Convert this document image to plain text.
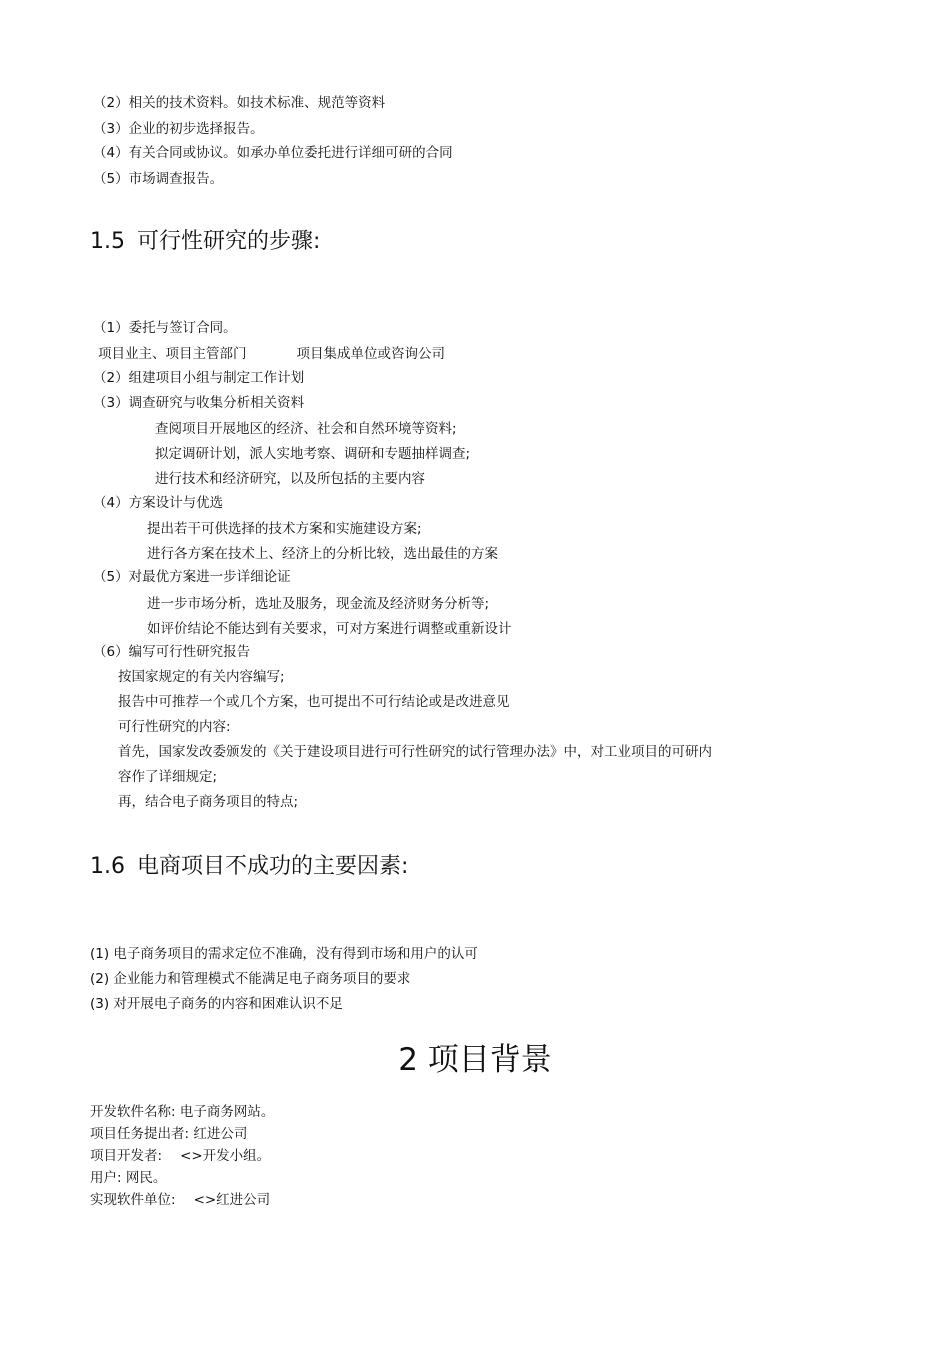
（2）相关的技术资料。如技术标准、规范等资料
（3）企业的初步选择报告。
（4）有关合同或协议。如承办单位委托进行详细可研的合同
（5）市场调查报告。
1.5 可行性研究的步骤:
（1）委托与签订合同。
项目业主、项目主管部门	项目集成单位或咨询公司
（2）组建项目小组与制定工作计划
（3）调查研究与收集分析相关资料
查阅项目开展地区的经济、社会和自然环境等资料;
拟定调研计划，派人实地考察、调研和专题抽样调查;
进行技术和经济研究，以及所包括的主要内容
（4）方案设计与优选
提出若干可供选择的技术方案和实施建设方案;
进行各方案在技术上、经济上的分析比较，选出最佳的方案
（5）对最优方案进一步详细论证
进一步市场分析，选址及服务，现金流及经济财务分析等;
如评价结论不能达到有关要求，可对方案进行调整或重新设计
（6）编写可行性研究报告
按国家规定的有关内容编写;
报告中可推荐一个或几个方案，也可提出不可行结论或是改进意见
可行性研究的内容:
首先，国家发改委颁发的《关于建设项目进行可行性研究的试行管理办法》中，对工业项目的可研内
容作了详细规定;
再，结合电子商务项目的特点;
1.6 电商项目不成功的主要因素:
(1) 电子商务项目的需求定位不准确，没有得到市场和用户的认可
(2) 企业能力和管理模式不能满足电子商务项目的要求
(3) 对开展电子商务的内容和困难认识不足
2 项目背景
开发软件名称: 电子商务网站。
项目任务提出者: 红进公司
项目开发者: <>开发小组。
用户: 网民。
实现软件单位: <>红进公司
